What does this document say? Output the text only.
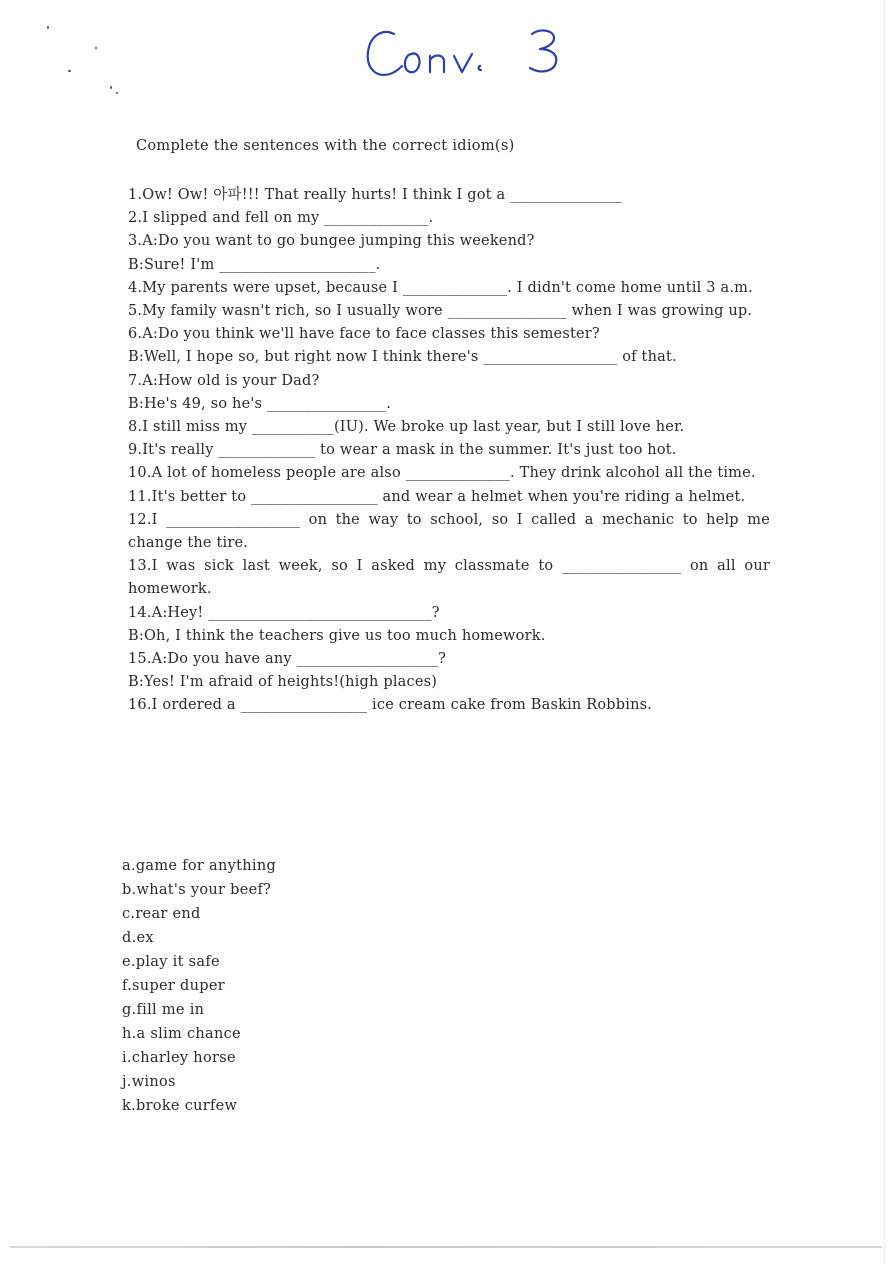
Complete the sentences with the correct idiom(s)

1.Ow! Ow! 아파!!! That really hurts! I think I got a _______________

2.I slipped and fell on my ______________.

3.A:Do you want to go bungee jumping this weekend?

B:Sure! I'm _____________________.

4.My parents were upset, because I ______________. I didn't come home until 3 a.m.

5.My family wasn't rich, so I usually wore ________________ when I was growing up.

6.A:Do you think we'll have face to face classes this semester?

B:Well, I hope so, but right now I think there's __________________ of that.

7.A:How old is your Dad?

B:He's 49, so he's ________________.

8.I still miss my ___________(IU). We broke up last year, but I still love her.

9.It's really _____________ to wear a mask in the summer. It's just too hot.

10.A lot of homeless people are also ______________. They drink alcohol all the time.

11.It's better to _________________ and wear a helmet when you're riding a helmet.

12.I __________________ on the way to school, so I called a mechanic to help me change the tire.

13.I was sick last week, so I asked my classmate to ________________ on all our homework.

14.A:Hey! ______________________________?

B:Oh, I think the teachers give us too much homework.

15.A:Do you have any ___________________?

B:Yes! I'm afraid of heights!(high places)

16.I ordered a _________________ ice cream cake from Baskin Robbins.

a.game for anything
b.what's your beef?
c.rear end
d.ex
e.play it safe
f.super duper
g.fill me in
h.a slim chance
i.charley horse
j.winos
k.broke curfew
